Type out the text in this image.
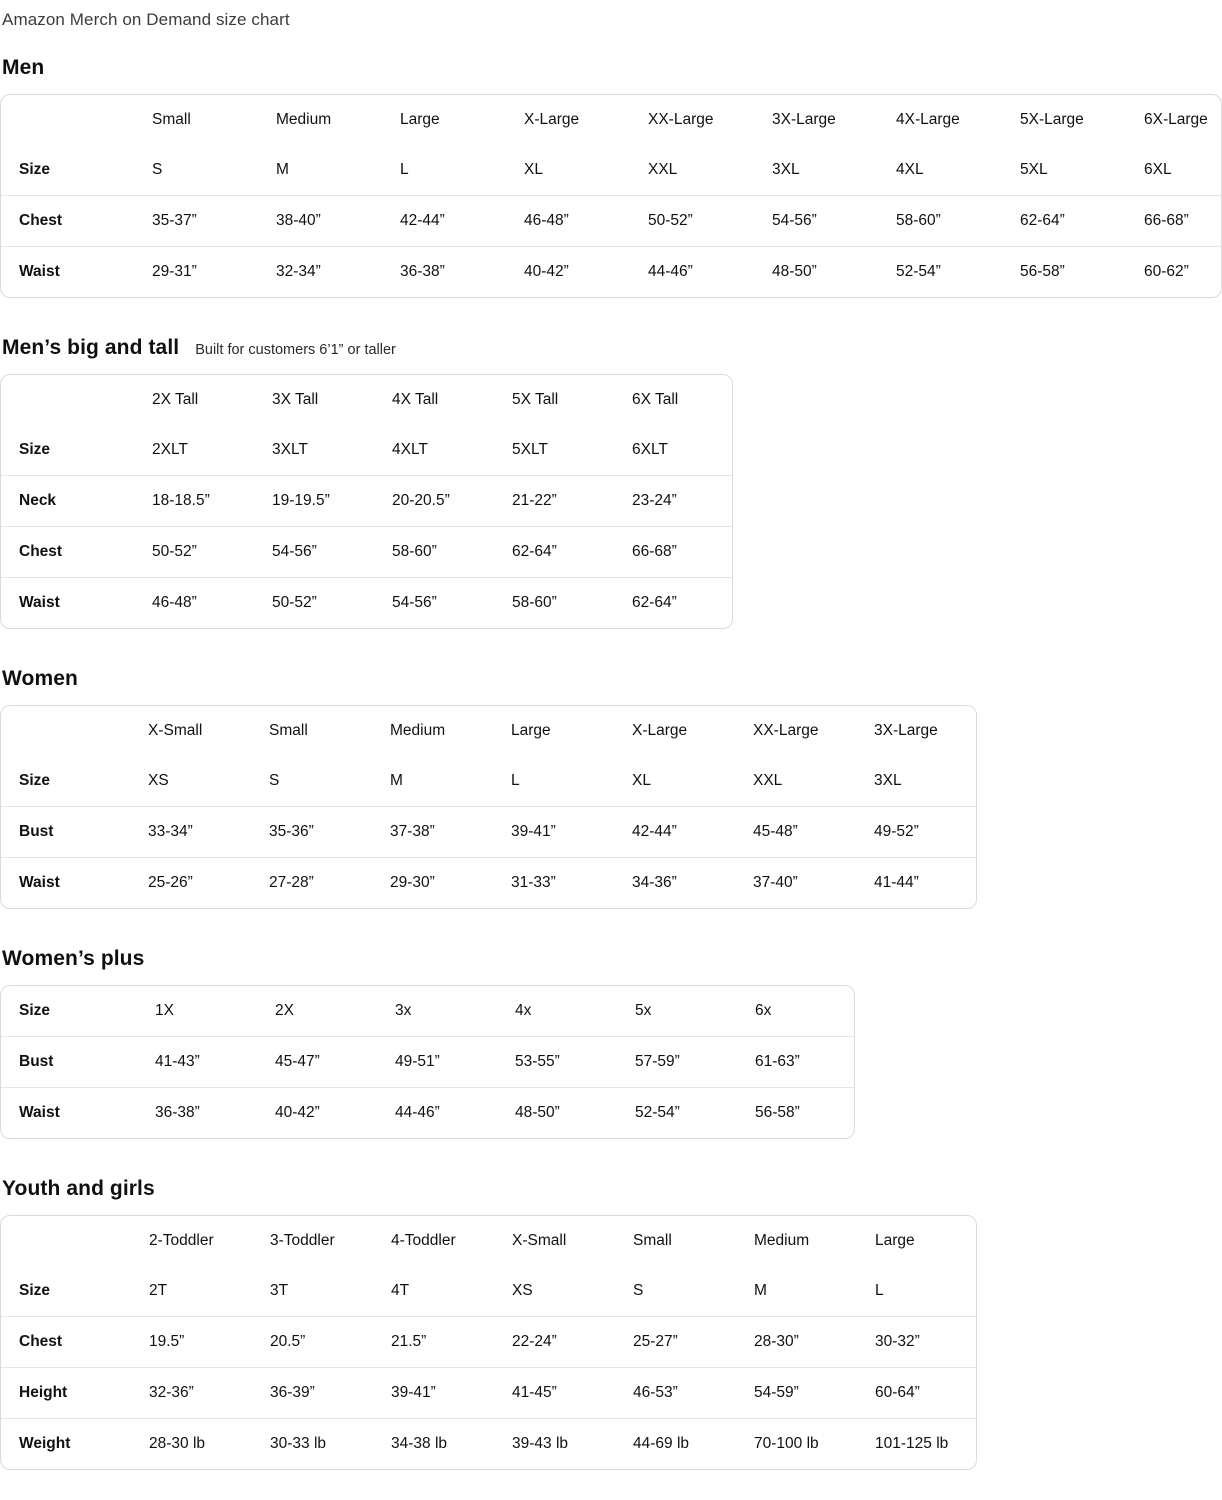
Amazon Merch on Demand size chart
Men
	Small	Medium	Large	X-Large	XX-Large	3X-Large	4X-Large	5X-Large	6X-Large
Size	S	M	L	XL	XXL	3XL	4XL	5XL	6XL
Chest	35-37”	38-40”	42-44”	46-48”	50-52”	54-56”	58-60”	62-64”	66-68”
Waist	29-31”	32-34”	36-38”	40-42”	44-46”	48-50”	52-54”	56-58”	60-62”
Men’s big and tall Built for customers 6’1” or taller
	2X Tall	3X Tall	4X Tall	5X Tall	6X Tall
Size	2XLT	3XLT	4XLT	5XLT	6XLT
Neck	18-18.5”	19-19.5”	20-20.5”	21-22”	23-24”
Chest	50-52”	54-56”	58-60”	62-64”	66-68”
Waist	46-48”	50-52”	54-56”	58-60”	62-64”
Women
	X-Small	Small	Medium	Large	X-Large	XX-Large	3X-Large
Size	XS	S	M	L	XL	XXL	3XL
Bust	33-34”	35-36”	37-38”	39-41”	42-44”	45-48”	49-52”
Waist	25-26”	27-28”	29-30”	31-33”	34-36”	37-40”	41-44”
Women’s plus
Size	1X	2X	3x	4x	5x	6x
Bust	41-43”	45-47”	49-51”	53-55”	57-59”	61-63”
Waist	36-38”	40-42”	44-46”	48-50”	52-54”	56-58”
Youth and girls
	2-Toddler	3-Toddler	4-Toddler	X-Small	Small	Medium	Large
Size	2T	3T	4T	XS	S	M	L
Chest	19.5”	20.5”	21.5”	22-24”	25-27”	28-30”	30-32”
Height	32-36”	36-39”	39-41”	41-45”	46-53”	54-59”	60-64”
Weight	28-30 lb	30-33 lb	34-38 lb	39-43 lb	44-69 lb	70-100 lb	101-125 lb
